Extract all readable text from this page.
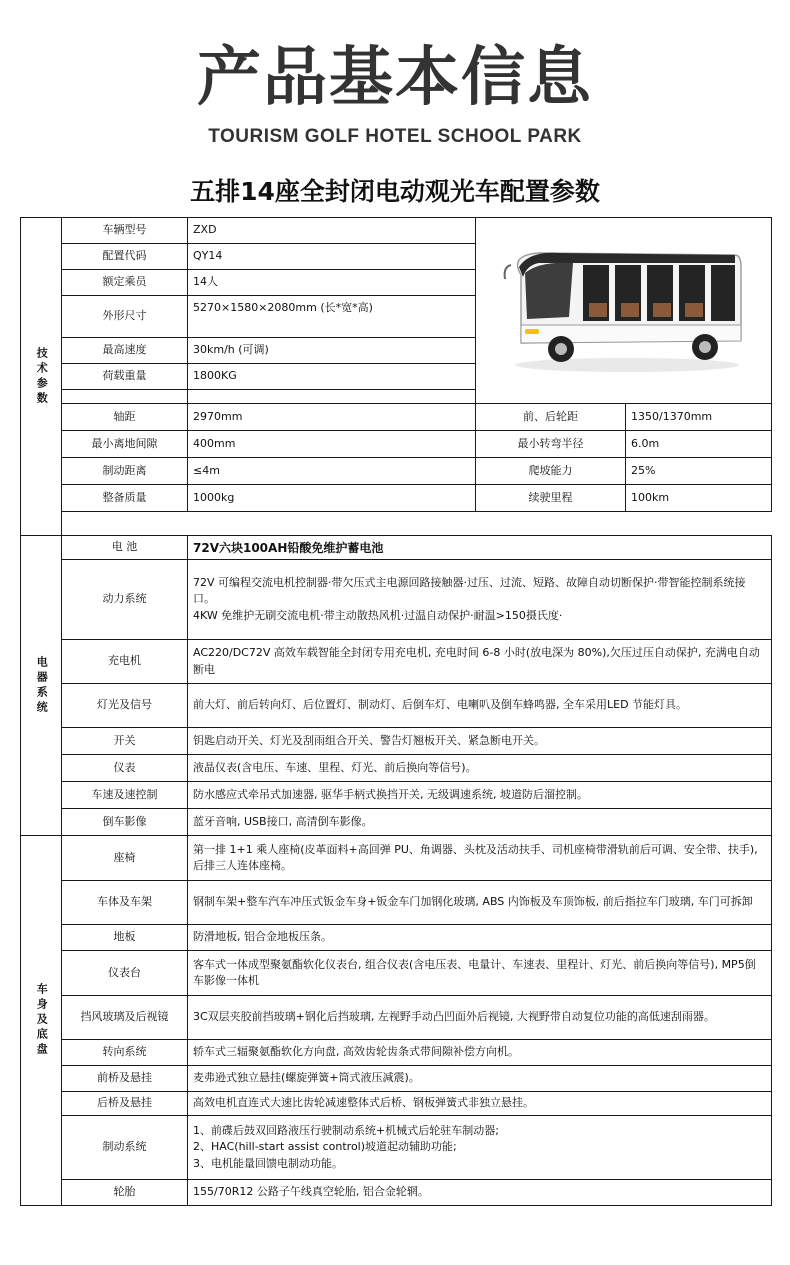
产品基本信息
TOURISM GOLF HOTEL SCHOOL PARK
五排14座全封闭电动观光车配置参数
技术参数	车辆型号	ZXD	

	配置代码	QY14		
	额定乘员	14人		
	外形尺寸	5270×1580×2080mm (长*宽*高)		
	最高速度	30km/h (可调)		
	荷载重量	1800KG		

	轴距	2970mm	前、后轮距	1350/1370mm
	最小离地间隙	400mm	最小转弯半径	6.0m
	制动距离	≤4m	爬坡能力	25%
	整备质量	1000kg	续驶里程	100km

电器系统	电 池	72V六块100AH铅酸免维护蓄电池		
	动力系统	72V 可编程交流电机控制器·带欠压式主电源回路接触器·过压、过流、短路、故障自动切断保护·带智能控制系统接口。
4KW 免维护无刷交流电机·带主动散热风机·过温自动保护·耐温>150摄氏度·		

	充电机	AC220/DC72V 高效车载智能全封闭专用充电机, 充电时间 6-8 小时(放电深为 80%),欠压过压自动保护, 充满电自动断电		
	灯光及信号	前大灯、前后转向灯、后位置灯、制动灯、后倒车灯、电喇叭及倒车蜂鸣器, 全车采用LED 节能灯具。		
	开关	钥匙启动开关、灯光及刮雨组合开关、警告灯翘板开关、紧急断电开关。		
	仪表	液晶仪表(含电压、车速、里程、灯光、前后换向等信号)。		
	车速及速控制	防水感应式牵吊式加速器, 驱华手柄式换挡开关, 无级调速系统, 坡道防后溜控制。		
	倒车影像	蓝牙音响, USB接口, 高清倒车影像。		
车身及底盘	座椅	第一排 1+1 乘人座椅(皮革面料+高回弹 PU、角调器、头枕及活动扶手、司机座椅带滑轨前后可调、安全带、扶手), 后排三人连体座椅。		
	车体及车架	钢制车架+整车汽车冲压式钣金车身+钣金车门加钢化玻璃, ABS 内饰板及车顶饰板, 前后指拉车门玻璃, 车门可拆卸		
	地板	防滑地板, 铝合金地板压条。		
	仪表台	客车式一体成型聚氨酯软化仪表台, 组合仪表(含电压表、电量计、车速表、里程计、灯光、前后换向等信号), MP5倒车影像一体机		
	挡风玻璃及后视镜	3C双层夹胶前挡玻璃+钢化后挡玻璃, 左视野手动凸凹面外后视镜, 大视野带自动复位功能的高低速刮雨器。		
	转向系统	轿车式三辐聚氨酯软化方向盘, 高效齿轮齿条式带间隙补偿方向机。		
	前桥及悬挂	麦弗逊式独立悬挂(螺旋弹簧+筒式液压减震)。		
	后桥及悬挂	高效电机直连式大速比齿轮减速整体式后桥、钢板弹簧式非独立悬挂。		
	制动系统	1、前碟后鼓双回路液压行驶制动系统+机械式后轮驻车制动器;
2、HAC(hill-start assist control)坡道起动辅助功能;
3、电机能量回馈电制动功能。		

	轮胎	155/70R12 公路子午线真空轮胎, 铝合金轮辋。		
